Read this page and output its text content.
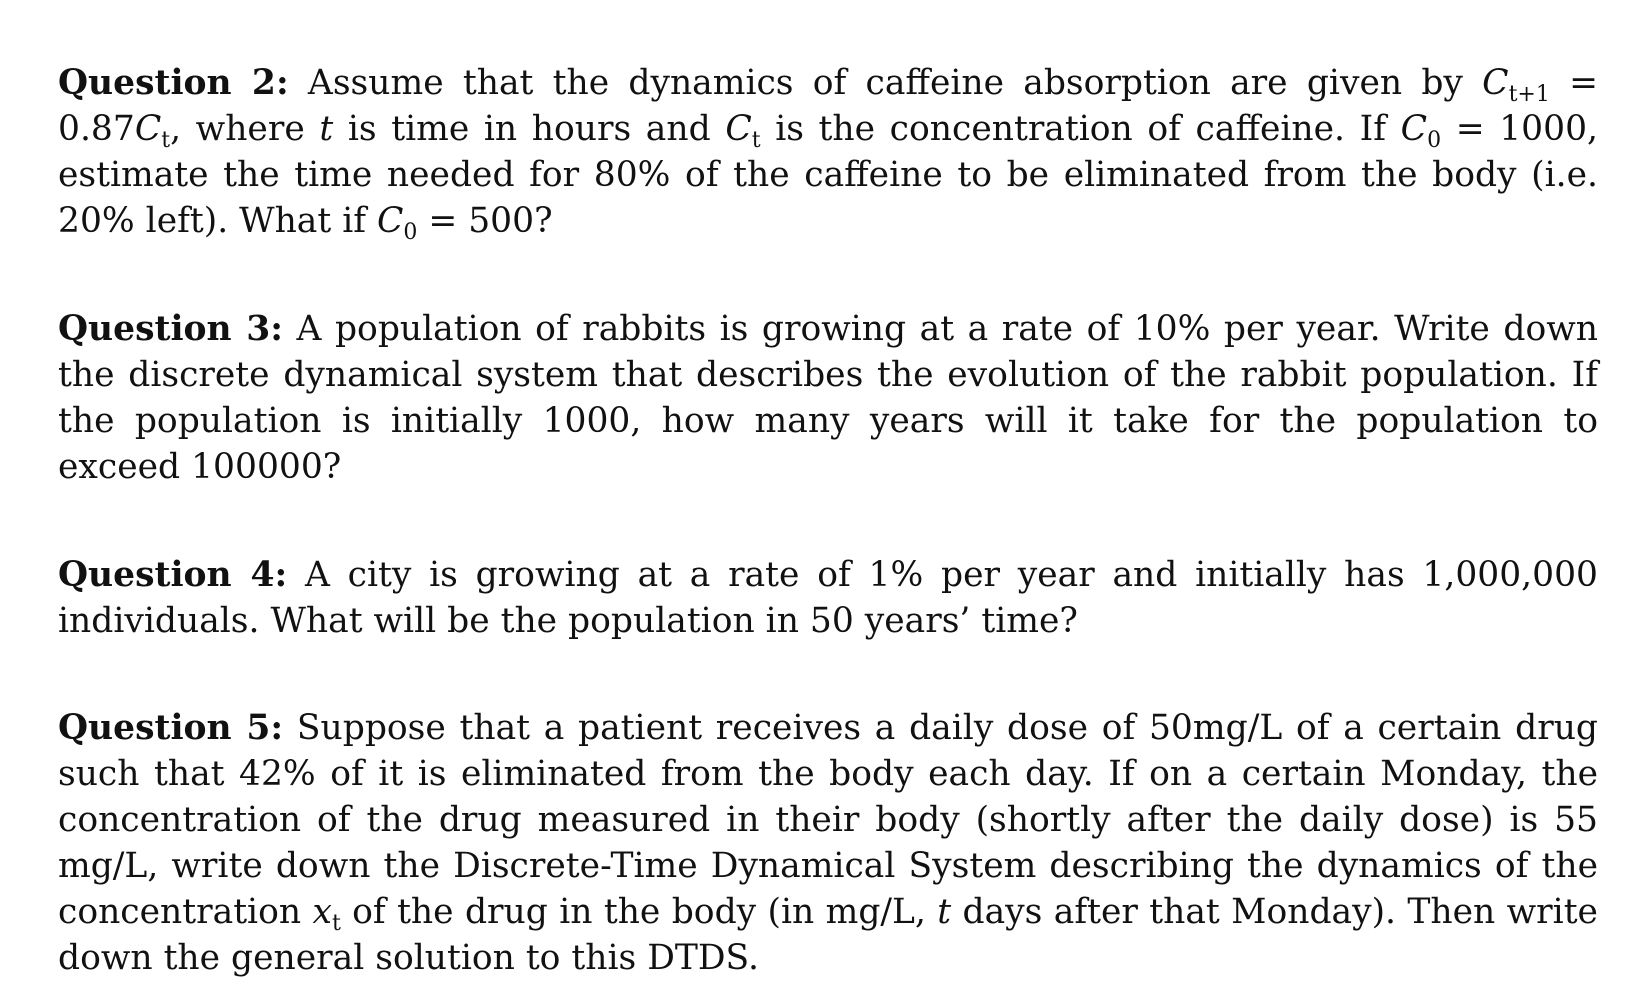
Question 2: Assume that the dynamics of caffeine absorption are given by $C_{t+1} = 0.87C_t$, where t is time in hours and $C_t$ is the concentration of caffeine. If $C_0 = 1000$, estimate the time needed for 80% of the caffeine to be eliminated from the body (i.e. 20% left). What if $C_0 = 500$?

Question 3: A population of rabbits is growing at a rate of 10% per year. Write down the discrete dynamical system that describes the evolution of the rabbit population. If the population is initially 1000, how many years will it take for the population to exceed 100000?

Question 4: A city is growing at a rate of 1% per year and initially has 1,000,000 individuals. What will be the population in 50 years’ time?

Question 5: Suppose that a patient receives a daily dose of 50mg/L of a certain drug such that 42% of it is eliminated from the body each day. If on a certain Monday, the concentration of the drug measured in their body (shortly after the daily dose) is 55 mg/L, write down the Discrete-Time Dynamical System describing the dynamics of the concentration $x_t$ of the drug in the body (in mg/L, t days after that Monday). Then write down the general solution to this DTDS.
